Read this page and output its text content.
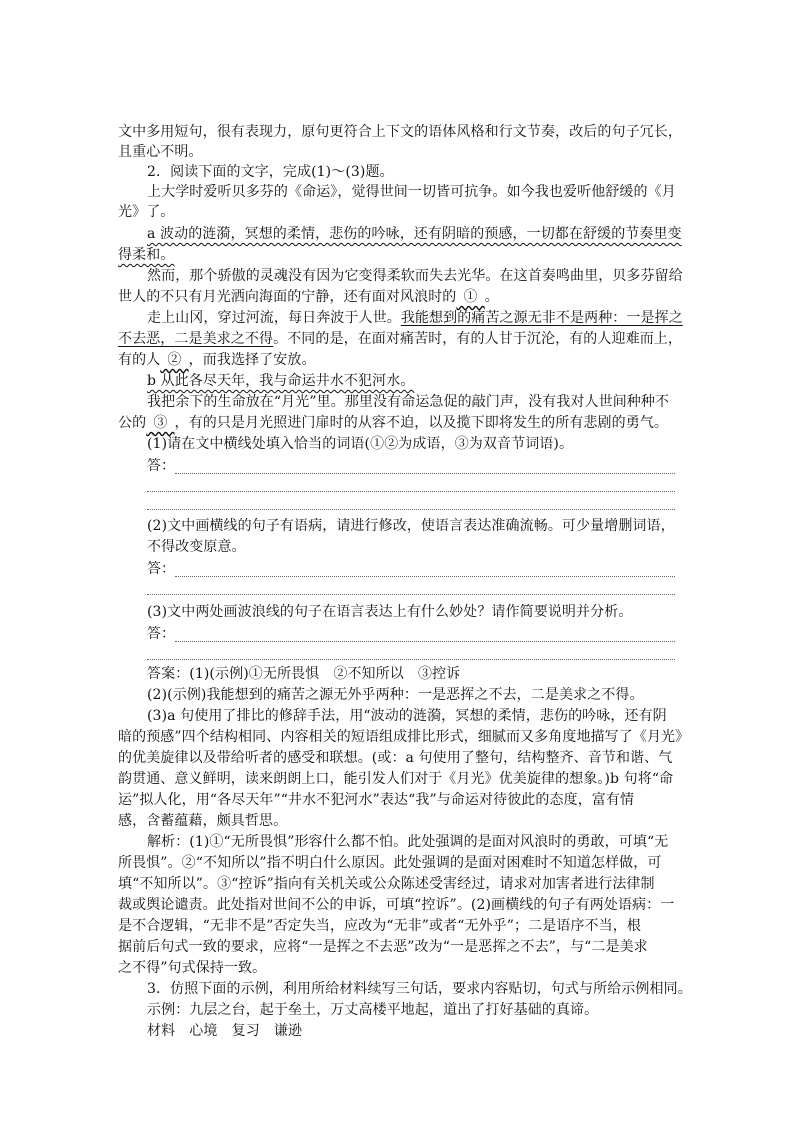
文中多用短句，很有表现力，原句更符合上下文的语体风格和行文节奏，改后的句子冗长，
且重心不明。
2．阅读下面的文字，完成(1)～(3)题。
上大学时爱听贝多芬的《命运》，觉得世间一切皆可抗争。如今我也爱听他舒缓的《月
光》了。
a 波动的涟漪，冥想的柔情，悲伤的吟咏，还有阴暗的预感，一切都在舒缓的节奏里变
得柔和。
然而，那个骄傲的灵魂没有因为它变得柔软而失去光华。在这首奏鸣曲里，贝多芬留给
世人的不只有月光洒向海面的宁静，还有面对风浪时的  ①  。
走上山冈，穿过河流，每日奔波于人世。我能想到的痛苦之源无非不是两种：一是挥之
不去恶，二是美求之不得。不同的是，在面对痛苦时，有的人甘于沉沦，有的人迎难而上，
有的人  ②  ，而我选择了安放。
b 从此各尽天年，我与命运井水不犯河水。
我把余下的生命放在“月光”里。那里没有命运急促的敲门声，没有我对人世间种种不
公的  ③  ，有的只是月光照进门扉时的从容不迫，以及揽下即将发生的所有悲剧的勇气。
(1)请在文中横线处填入恰当的词语(①②为成语，③为双音节词语)。
答：
(2)文中画横线的句子有语病，请进行修改，使语言表达准确流畅。可少量增删词语，
不得改变原意。
答：
(3)文中两处画波浪线的句子在语言表达上有什么妙处？请作简要说明并分析。
答：
答案：(1)(示例)①无所畏惧　②不知所以　③控诉
(2)(示例)我能想到的痛苦之源无外乎两种：一是恶挥之不去，二是美求之不得。
(3)a 句使用了排比的修辞手法，用“波动的涟漪，冥想的柔情，悲伤的吟咏，还有阴
暗的预感”四个结构相同、内容相关的短语组成排比形式，细腻而又多角度地描写了《月光》
的优美旋律以及带给听者的感受和联想。(或：a 句使用了整句，结构整齐、音节和谐、气
韵贯通、意义鲜明，读来朗朗上口，能引发人们对于《月光》优美旋律的想象。)b 句将“命
运”拟人化，用“各尽天年”“井水不犯河水”表达“我”与命运对待彼此的态度，富有情
感，含蓄蕴藉，颇具哲思。
解析：(1)①“无所畏惧”形容什么都不怕。此处强调的是面对风浪时的勇敢，可填“无
所畏惧”。②“不知所以”指不明白什么原因。此处强调的是面对困难时不知道怎样做，可
填“不知所以”。③“控诉”指向有关机关或公众陈述受害经过，请求对加害者进行法律制
裁或舆论谴责。此处指对世间不公的申诉，可填“控诉”。(2)画横线的句子有两处语病：一
是不合逻辑，“无非不是”否定失当，应改为“无非”或者“无外乎”；二是语序不当，根
据前后句式一致的要求，应将“一是挥之不去恶”改为“一是恶挥之不去”，与“二是美求
之不得”句式保持一致。
3．仿照下面的示例，利用所给材料续写三句话，要求内容贴切，句式与所给示例相同。
示例：九层之台，起于垒土，万丈高楼平地起，道出了打好基础的真谛。
材料　心境　复习　谦逊
